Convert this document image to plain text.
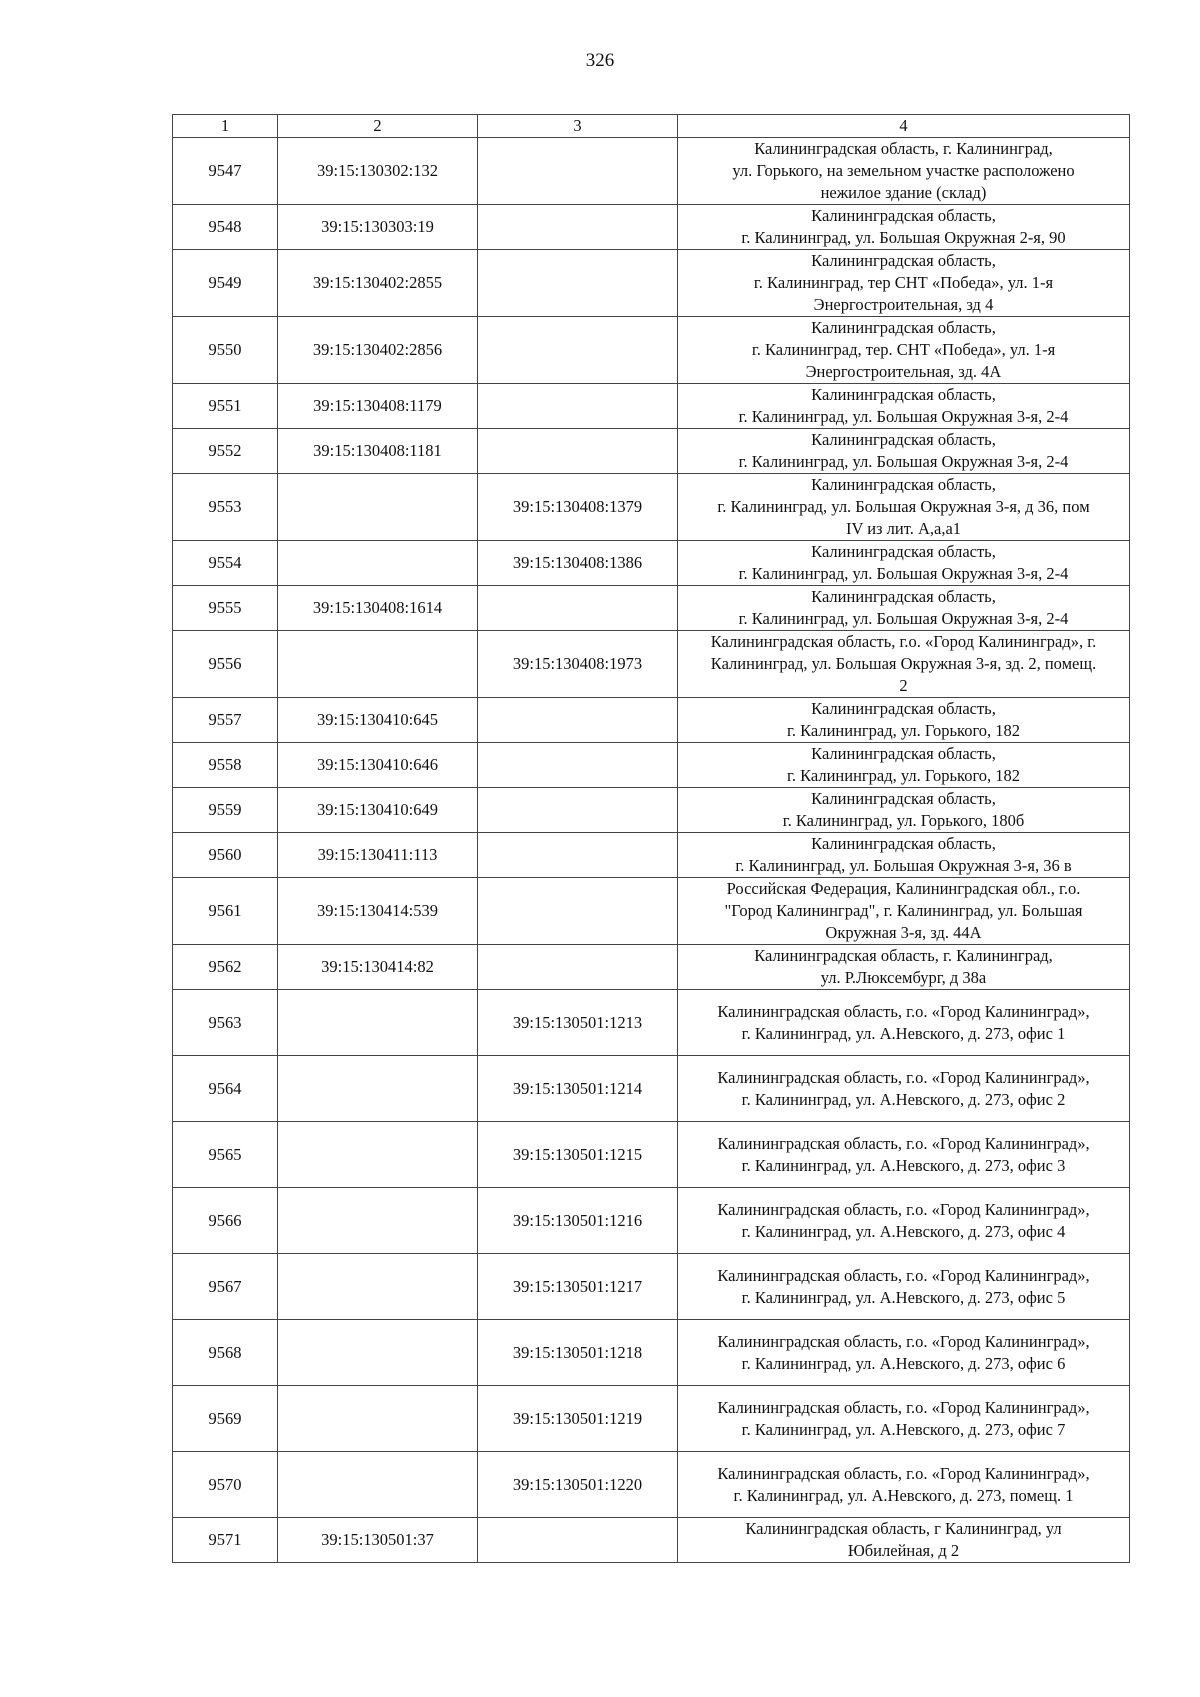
326
1	2	3	4
9547	39:15:130302:132		Калининградская область, г. Калининград,
ул. Горького, на земельном участке расположено
нежилое здание (склад)
9548	39:15:130303:19		Калининградская область,
г. Калининград, ул. Большая Окружная 2-я, 90
9549	39:15:130402:2855		Калининградская область,
г. Калининград, тер СНТ «Победа», ул. 1-я
Энергостроительная, зд 4
9550	39:15:130402:2856		Калининградская область,
г. Калининград, тер. СНТ «Победа», ул. 1-я
Энергостроительная, зд. 4А
9551	39:15:130408:1179		Калининградская область,
г. Калининград, ул. Большая Окружная 3-я, 2-4
9552	39:15:130408:1181		Калининградская область,
г. Калининград, ул. Большая Окружная 3-я, 2-4
9553		39:15:130408:1379	Калининградская область,
г. Калининград, ул. Большая Окружная 3-я, д 36, пом
IV из лит. А,а,а1
9554		39:15:130408:1386	Калининградская область,
г. Калининград, ул. Большая Окружная 3-я, 2-4
9555	39:15:130408:1614		Калининградская область,
г. Калининград, ул. Большая Окружная 3-я, 2-4
9556		39:15:130408:1973	Калининградская область, г.о. «Город Калининград», г.
Калининград, ул. Большая Окружная 3-я, зд. 2, помещ.
2
9557	39:15:130410:645		Калининградская область,
г. Калининград, ул. Горького, 182
9558	39:15:130410:646		Калининградская область,
г. Калининград, ул. Горького, 182
9559	39:15:130410:649		Калининградская область,
г. Калининград, ул. Горького, 180б
9560	39:15:130411:113		Калининградская область,
г. Калининград, ул. Большая Окружная 3-я, 36 в
9561	39:15:130414:539		Российская Федерация, Калининградская обл., г.о.
"Город Калининград", г. Калининград, ул. Большая
Окружная 3-я, зд. 44А
9562	39:15:130414:82		Калининградская область, г. Калининград,
ул. Р.Люксембург, д 38а
9563		39:15:130501:1213	Калининградская область, г.о. «Город Калининград»,
г. Калининград, ул. А.Невского, д. 273, офис 1
9564		39:15:130501:1214	Калининградская область, г.о. «Город Калининград»,
г. Калининград, ул. А.Невского, д. 273, офис 2
9565		39:15:130501:1215	Калининградская область, г.о. «Город Калининград»,
г. Калининград, ул. А.Невского, д. 273, офис 3
9566		39:15:130501:1216	Калининградская область, г.о. «Город Калининград»,
г. Калининград, ул. А.Невского, д. 273, офис 4
9567		39:15:130501:1217	Калининградская область, г.о. «Город Калининград»,
г. Калининград, ул. А.Невского, д. 273, офис 5
9568		39:15:130501:1218	Калининградская область, г.о. «Город Калининград»,
г. Калининград, ул. А.Невского, д. 273, офис 6
9569		39:15:130501:1219	Калининградская область, г.о. «Город Калининград»,
г. Калининград, ул. А.Невского, д. 273, офис 7
9570		39:15:130501:1220	Калининградская область, г.о. «Город Калининград»,
г. Калининград, ул. А.Невского, д. 273, помещ. 1
9571	39:15:130501:37		Калининградская область, г Калининград, ул
Юбилейная, д 2
